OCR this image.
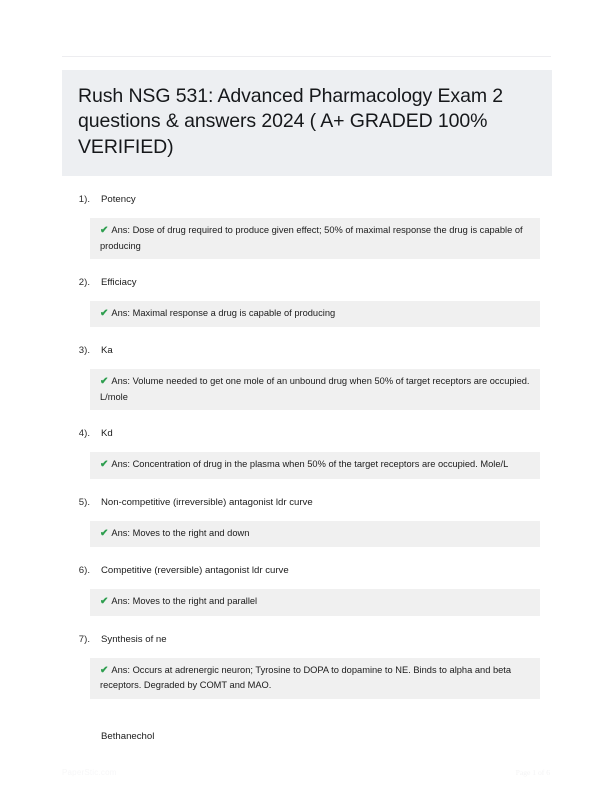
Rush NSG 531: Advanced Pharmacology Exam 2 questions & answers 2024 ( A+ GRADED 100% VERIFIED)
1). Potency
✔ Ans: Dose of drug required to produce given effect; 50% of maximal response the drug is capable of producing
2). Efficiacy
✔ Ans: Maximal response a drug is capable of producing
3). Ka
✔ Ans: Volume needed to get one mole of an unbound drug when 50% of target receptors are occupied. L/mole
4). Kd
✔ Ans: Concentration of drug in the plasma when 50% of the target receptors are occupied. Mole/L
5). Non-competitive (irreversible) antagonist ldr curve
✔ Ans: Moves to the right and down
6). Competitive (reversible) antagonist ldr curve
✔ Ans: Moves to the right and parallel
7). Synthesis of ne
✔ Ans: Occurs at adrenergic neuron; Tyrosine to DOPA to dopamine to NE. Binds to alpha and beta receptors. Degraded by COMT and MAO.
Bethanechol
PaperStic.com	Page 1 of 6
